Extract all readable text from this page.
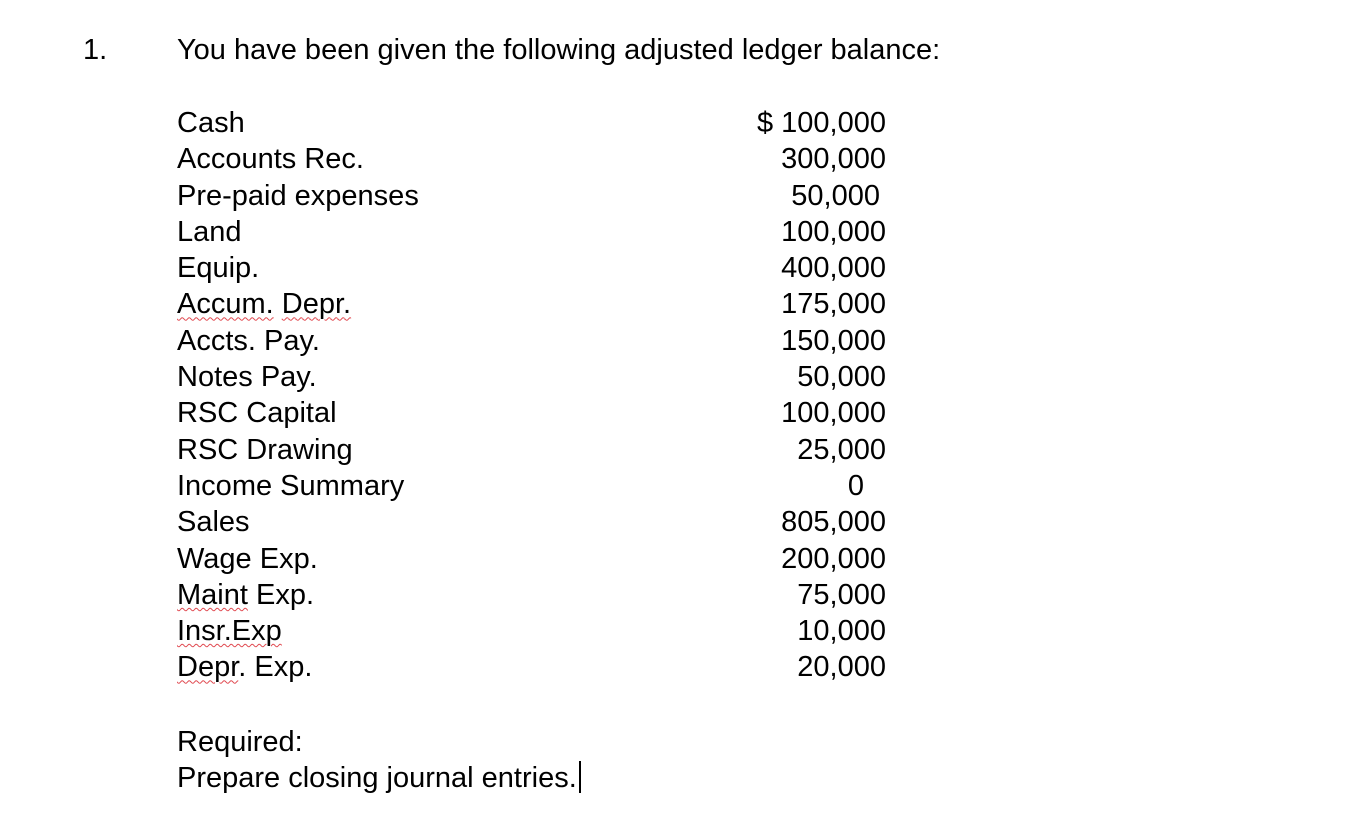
1. You have been given the following adjusted ledger balance:
Cash	$ 100,000
Accounts Rec.	300,000
Pre-paid expenses	50,000
Land	100,000
Equip.	400,000
Accum. Depr.	175,000
Accts. Pay.	150,000
Notes Pay.	50,000
RSC Capital	100,000
RSC Drawing	25,000
Income Summary	0
Sales	805,000
Wage Exp.	200,000
Maint Exp.	75,000
Insr.Exp	10,000
Depr. Exp.	20,000
Required:
Prepare closing journal entries.
